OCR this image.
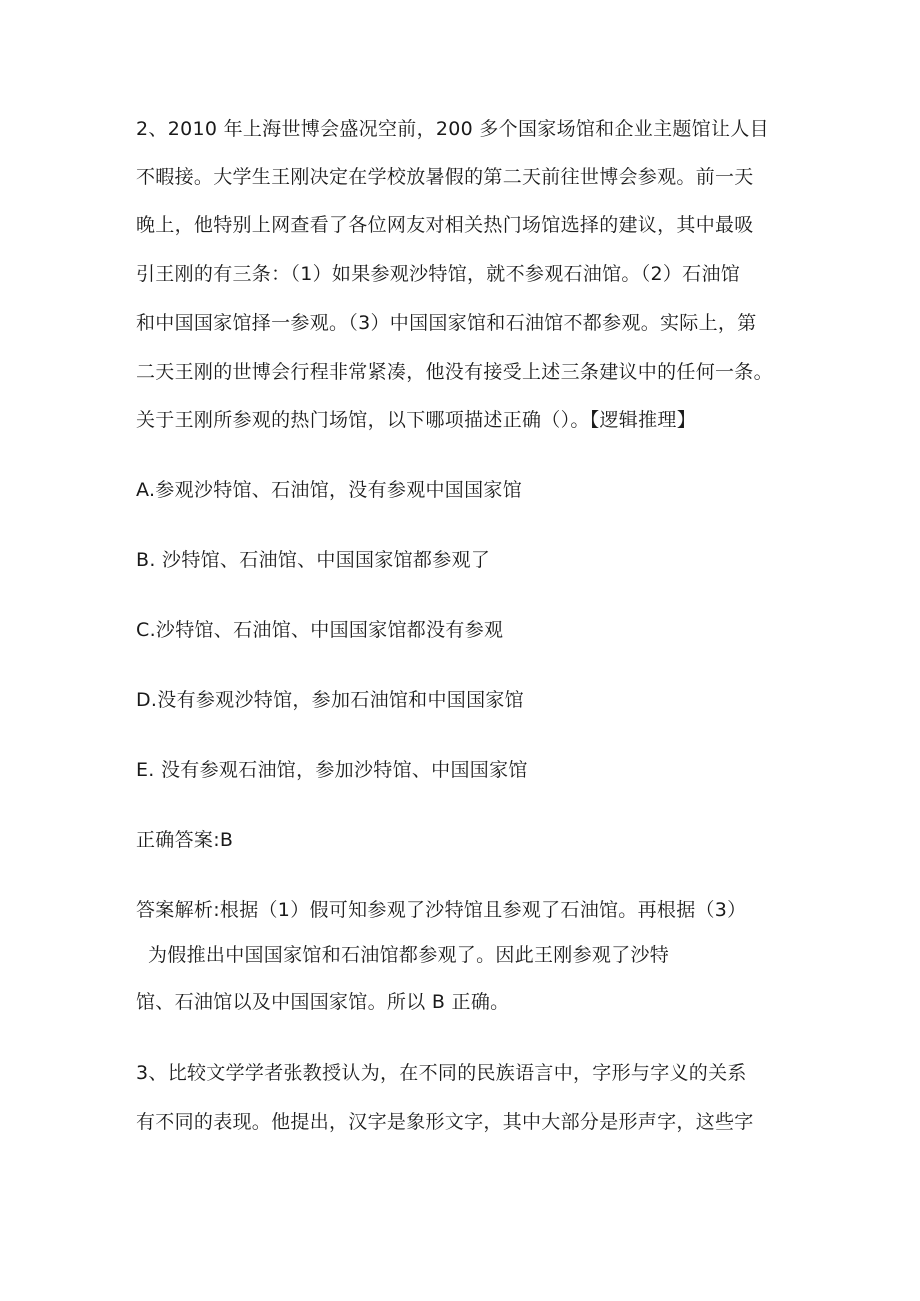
2、2010 年上海世博会盛况空前，200 多个国家场馆和企业主题馆让人目
不暇接。大学生王刚决定在学校放暑假的第二天前往世博会参观。前一天
晚上，他特别上网查看了各位网友对相关热门场馆选择的建议，其中最吸
引王刚的有三条：（1）如果参观沙特馆，就不参观石油馆。（2）石油馆
和中国国家馆择一参观。（3）中国国家馆和石油馆不都参观。实际上，第
二天王刚的世博会行程非常紧凑，他没有接受上述三条建议中的任何一条。
关于王刚所参观的热门场馆，以下哪项描述正确（）。【逻辑推理】
A.参观沙特馆、石油馆，没有参观中国国家馆
B. 沙特馆、石油馆、中国国家馆都参观了
C.沙特馆、石油馆、中国国家馆都没有参观
D.没有参观沙特馆，参加石油馆和中国国家馆
E. 没有参观石油馆，参加沙特馆、中国国家馆
正确答案:B
答案解析:根据（1）假可知参观了沙特馆且参观了石油馆。再根据（3）
为假推出中国国家馆和石油馆都参观了。因此王刚参观了沙特
馆、石油馆以及中国国家馆。所以 B 正确。
3、比较文学学者张教授认为，在不同的民族语言中，字形与字义的关系
有不同的表现。他提出，汉字是象形文字，其中大部分是形声字，这些字
